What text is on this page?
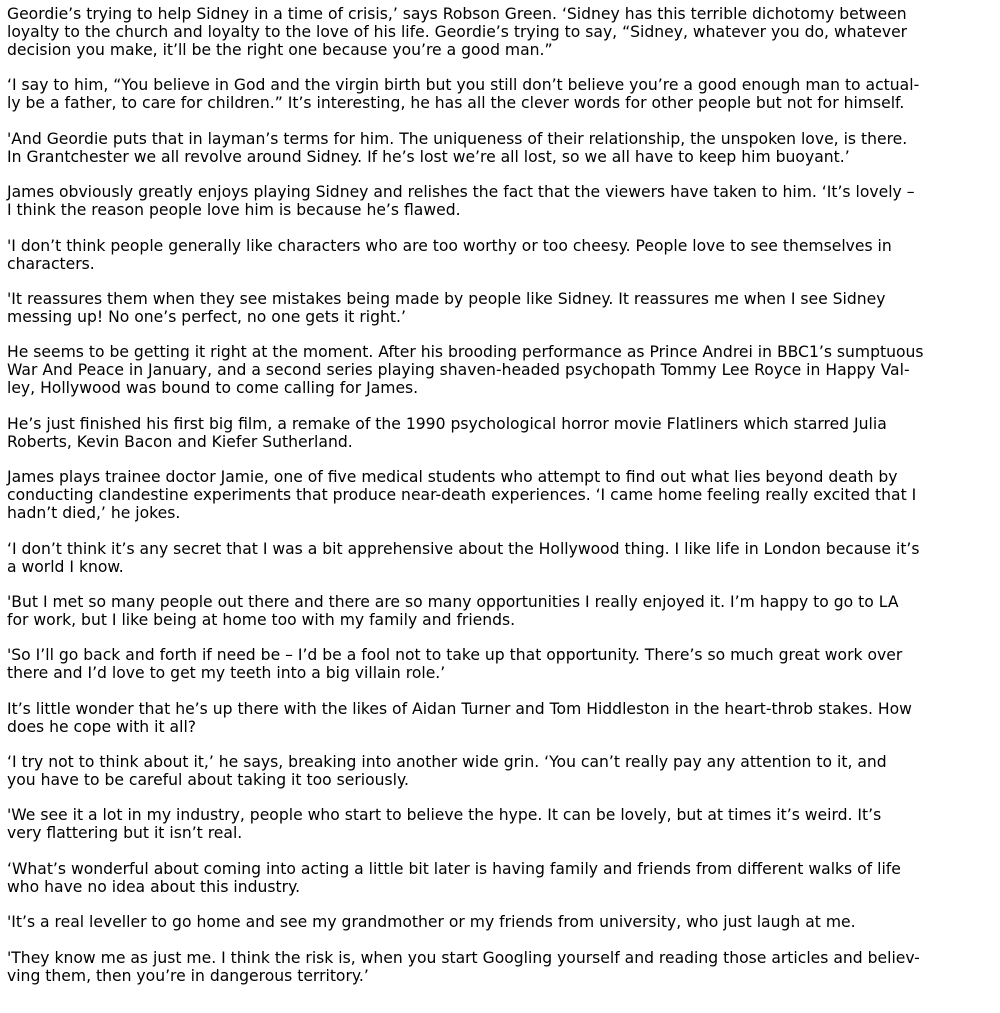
Geordie’s trying to help Sidney in a time of crisis,’ says Robson Green. ‘Sidney has this terrible dichotomy between
loyalty to the church and loyalty to the love of his life. Geordie’s trying to say, “Sidney, whatever you do, whatever
decision you make, it’ll be the right one because you’re a good man.”
‘I say to him, “You believe in God and the virgin birth but you still don’t believe you’re a good enough man to actual-
ly be a father, to care for children.” It’s interesting, he has all the clever words for other people but not for himself.
'And Geordie puts that in layman’s terms for him. The uniqueness of their relationship, the unspoken love, is there.
In Grantchester we all revolve around Sidney. If he’s lost we’re all lost, so we all have to keep him buoyant.’
James obviously greatly enjoys playing Sidney and relishes the fact that the viewers have taken to him. ‘It’s lovely –
I think the reason people love him is because he’s flawed.
'I don’t think people generally like characters who are too worthy or too cheesy. People love to see themselves in
characters.
'It reassures them when they see mistakes being made by people like Sidney. It reassures me when I see Sidney
messing up! No one’s perfect, no one gets it right.’
He seems to be getting it right at the moment. After his brooding performance as Prince Andrei in BBC1’s sumptuous
War And Peace in January, and a second series playing shaven-headed psychopath Tommy Lee Royce in Happy Val-
ley, Hollywood was bound to come calling for James.
He’s just finished his first big film, a remake of the 1990 psychological horror movie Flatliners which starred Julia
Roberts, Kevin Bacon and Kiefer Sutherland.
James plays trainee doctor Jamie, one of five medical students who attempt to find out what lies beyond death by
conducting clandestine experiments that produce near-death experiences. ‘I came home feeling really excited that I
hadn’t died,’ he jokes.
‘I don’t think it’s any secret that I was a bit apprehensive about the Hollywood thing. I like life in London because it’s
a world I know.
'But I met so many people out there and there are so many opportunities I really enjoyed it. I’m happy to go to LA
for work, but I like being at home too with my family and friends.
'So I’ll go back and forth if need be – I’d be a fool not to take up that opportunity. There’s so much great work over
there and I’d love to get my teeth into a big villain role.’
It’s little wonder that he’s up there with the likes of Aidan Turner and Tom Hiddleston in the heart-throb stakes. How
does he cope with it all?
‘I try not to think about it,’ he says, breaking into another wide grin. ‘You can’t really pay any attention to it, and
you have to be careful about taking it too seriously.
'We see it a lot in my industry, people who start to believe the hype. It can be lovely, but at times it’s weird. It’s
very flattering but it isn’t real.
‘What’s wonderful about coming into acting a little bit later is having family and friends from different walks of life
who have no idea about this industry.
'It’s a real leveller to go home and see my grandmother or my friends from university, who just laugh at me.
'They know me as just me. I think the risk is, when you start Googling yourself and reading those articles and believ-
ving them, then you’re in dangerous territory.’
